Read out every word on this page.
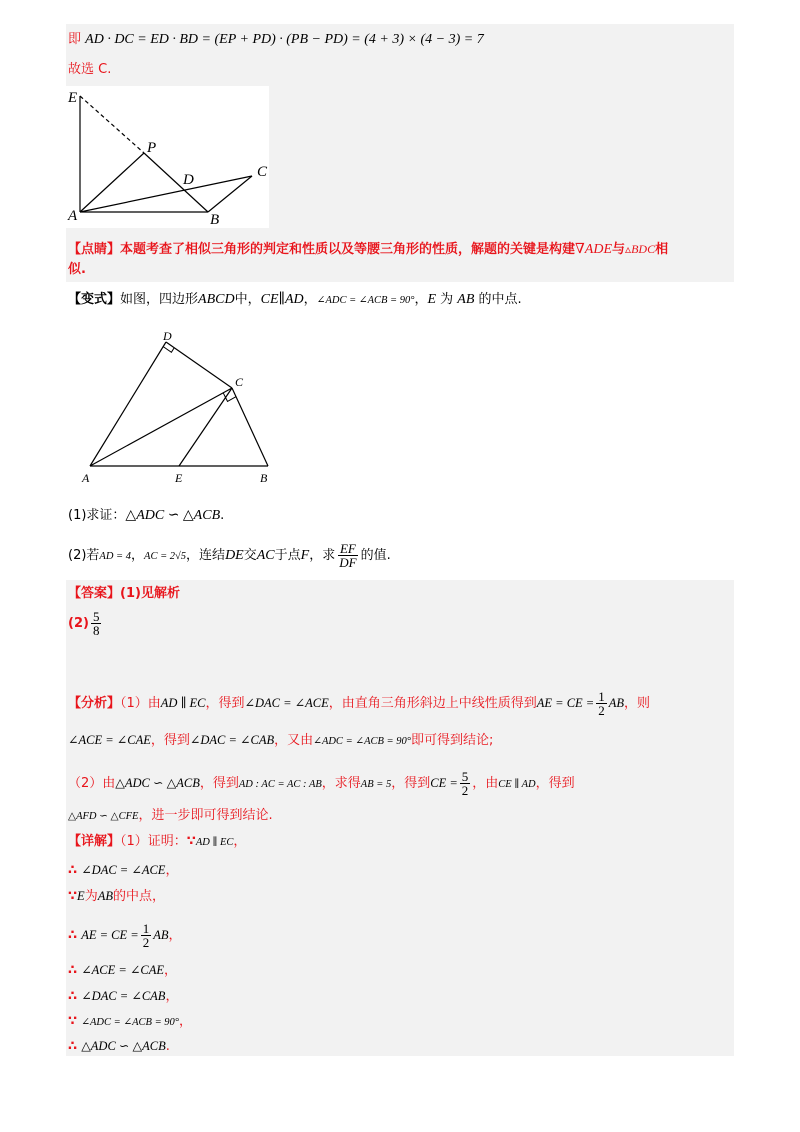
即 AD · DC = ED · BD = (EP + PD) · (PB − PD) = (4 + 3) × (4 − 3) = 7
故选 C.
E
P
D	C
A	B
【点睛】本题考查了相似三角形的判定和性质以及等腰三角形的性质，解题的关键是构建∇ADE与▵BDC相
似.
【变式】如图，四边形ABCD中，CE∥AD，∠ADC = ∠ACB = 90°，E 为 AB 的中点.
D
C
A	E	B
(1)求证：△ADC ∽ △ACB.
(2)若AD = 4，AC = 2√5，连结DE交AC于点F，求 $\frac{EF}{DF}$ 的值.
【答案】(1)见解析
$(2) \frac{5}{8}$
【分析】（1）由AD ∥ EC，得到∠DAC = ∠ACE，由直角三角形斜边上中线性质得到AE = CE = $\frac{1}{2}$ AB，则
∠ACE = ∠CAE，得到∠DAC = ∠CAB，又由∠ADC = ∠ACB = 90°即可得到结论;
（2）由△ADC ∽ △ACB，得到AD : AC = AC : AB，求得AB = 5，得到CE = $\frac{5}{2}$ ，由CE ∥ AD，得到
△AFD ∽ △CFE，进一步即可得到结论.
【详解】（1）证明：∵AD ∥ EC，
∴ ∠DAC = ∠ACE，
∵E为AB的中点，
∴ AE = CE = $\frac{1}{2}$ AB，
∴ ∠ACE = ∠CAE，
∴ ∠DAC = ∠CAB，
∵ ∠ADC = ∠ACB = 90°，
∴ △ADC ∽ △ACB.
